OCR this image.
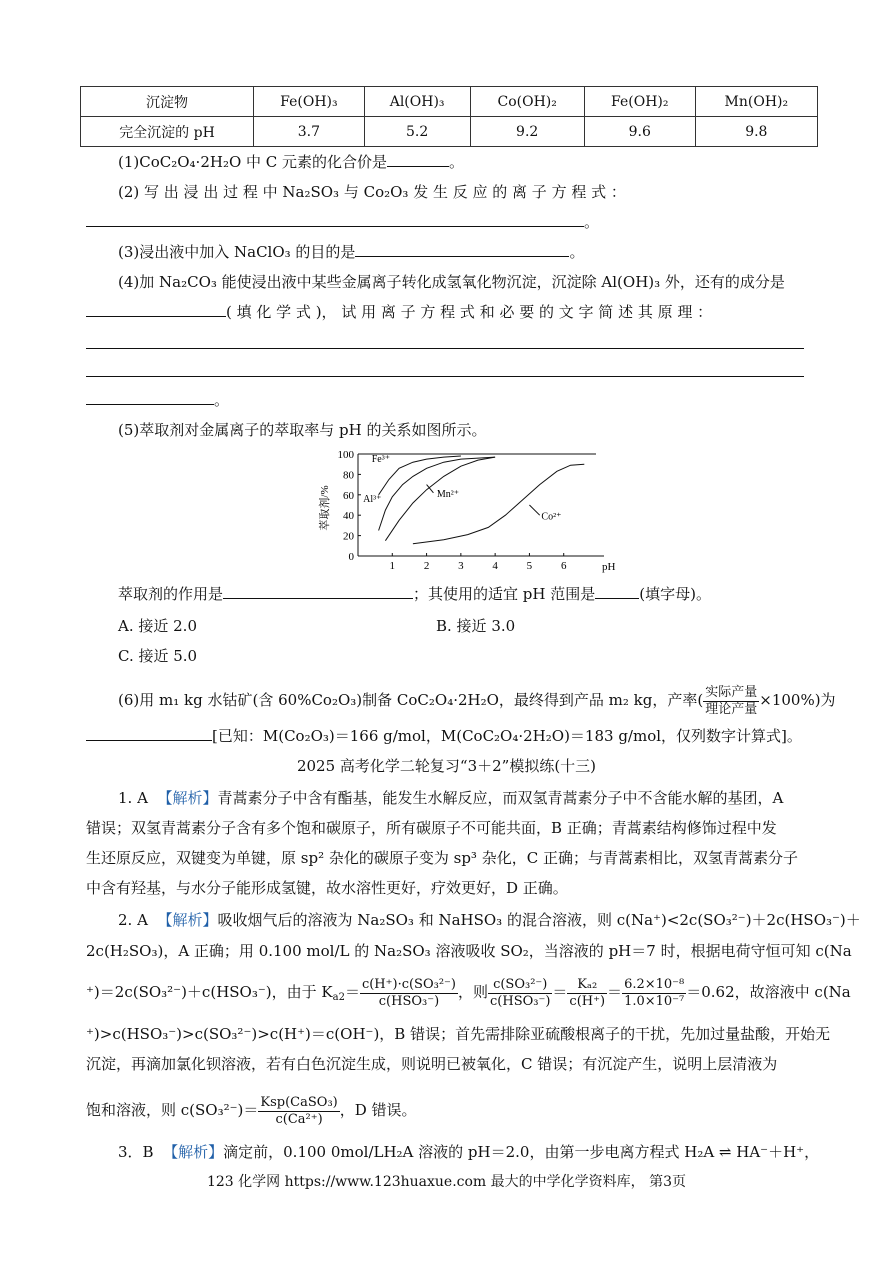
沉淀物	Fe(OH)₃	Al(OH)₃	Co(OH)₂	Fe(OH)₂	Mn(OH)₂
完全沉淀的 pH	3.7	5.2	9.2	9.6	9.8
(1)CoC₂O₄·2H₂O 中 C 元素的化合价是	。
(2) 写 出 浸 出 过 程 中 Na₂SO₃ 与 Co₂O₃ 发 生 反 应 的 离 子 方 程 式 ：
。
(3)浸出液中加入 NaClO₃ 的目的是	。
(4)加 Na₂CO₃ 能使浸出液中某些金属离子转化成氢氧化物沉淀，沉淀除 Al(OH)₃ 外，还有的成分是
( 填 化 学 式 )， 试 用 离 子 方 程 式 和 必 要 的 文 字 简 述 其 原 理 ：
。
(5)萃取剂对金属离子的萃取率与 pH 的关系如图所示。
1	2	3	4	5	6
0
20
40
60
80
100
pH
萃取剂/%
Fe³⁺
Al³⁺	Mn²⁺
Co²⁺
萃取剂的作用是	；其使用的适宜 pH 范围是	(填字母)。
A. 接近 2.0	B. 接近 3.0
C. 接近 5.0
(6)用 m₁ kg 水钴矿(含 60%Co₂O₃)制备 CoC₂O₄·2H₂O，最终得到产品 m₂ kg，产率( $\frac{\text{实际产量}}{\text{理论产量}} \times 100\%$)为
[已知：M(Co₂O₃)＝166 g/mol，M(CoC₂O₄·2H₂O)＝183 g/mol，仅列数字计算式]。
2025 高考化学二轮复习“3＋2”模拟练(十三)
1. A 【解析】青蒿素分子中含有酯基，能发生水解反应，而双氢青蒿素分子中不含能水解的基团，A
错误；双氢青蒿素分子含有多个饱和碳原子，所有碳原子不可能共面，B 正确；青蒿素结构修饰过程中发
生还原反应，双键变为单键，原 sp² 杂化的碳原子变为 sp³ 杂化，C 正确；与青蒿素相比，双氢青蒿素分子
中含有羟基，与水分子能形成氢键，故水溶性更好，疗效更好，D 正确。
2. A 【解析】吸收烟气后的溶液为 Na₂SO₃ 和 NaHSO₃ 的混合溶液，则 c(Na⁺)<2c(SO₃²⁻)＋2c(HSO₃⁻)＋
2c(H₂SO₃)，A 正确；用 0.100 mol/L 的 Na₂SO₃ 溶液吸收 SO₂，当溶液的 pH＝7 时，根据电荷守恒可知 c(Na
⁺)＝2c(SO₃²⁻)＋c(HSO₃⁻)，由于 $K_{a2}= \frac{\text{c(H⁺)·c(SO₃²⁻)}}{\text{c(HSO₃⁻)}}$ ，则 $\frac{\text{c(SO₃²⁻)}}{\text{c(HSO₃⁻)}} = \frac{\text{Kₐ₂}}{c(H^+)} = \frac{\text{6.2×10⁻⁸}}{\text{1.0×10⁻⁷}} =0.62$，故溶液中 c(Na
⁺)>c(HSO₃⁻)>c(SO₃²⁻)>c(H⁺)＝c(OH⁻)，B 错误；首先需排除亚硫酸根离子的干扰，先加过量盐酸，开始无
沉淀，再滴加氯化钡溶液，若有白色沉淀生成，则说明已被氧化，C 错误；有沉淀产生，说明上层清液为
饱和溶液，则 $c(SO_3^{2-})= \frac{\text{Ksp(CaSO₃)}}{\text{c(Ca²⁺)}}$ ，D 错误。
3．B 【解析】滴定前，0.100 0mol/LH₂A 溶液的 pH＝2.0，由第一步电离方程式 H₂A ⇌ HA⁻＋H⁺，
123 化学网 https://www.123huaxue.com 最大的中学化学资料库， 第3页
